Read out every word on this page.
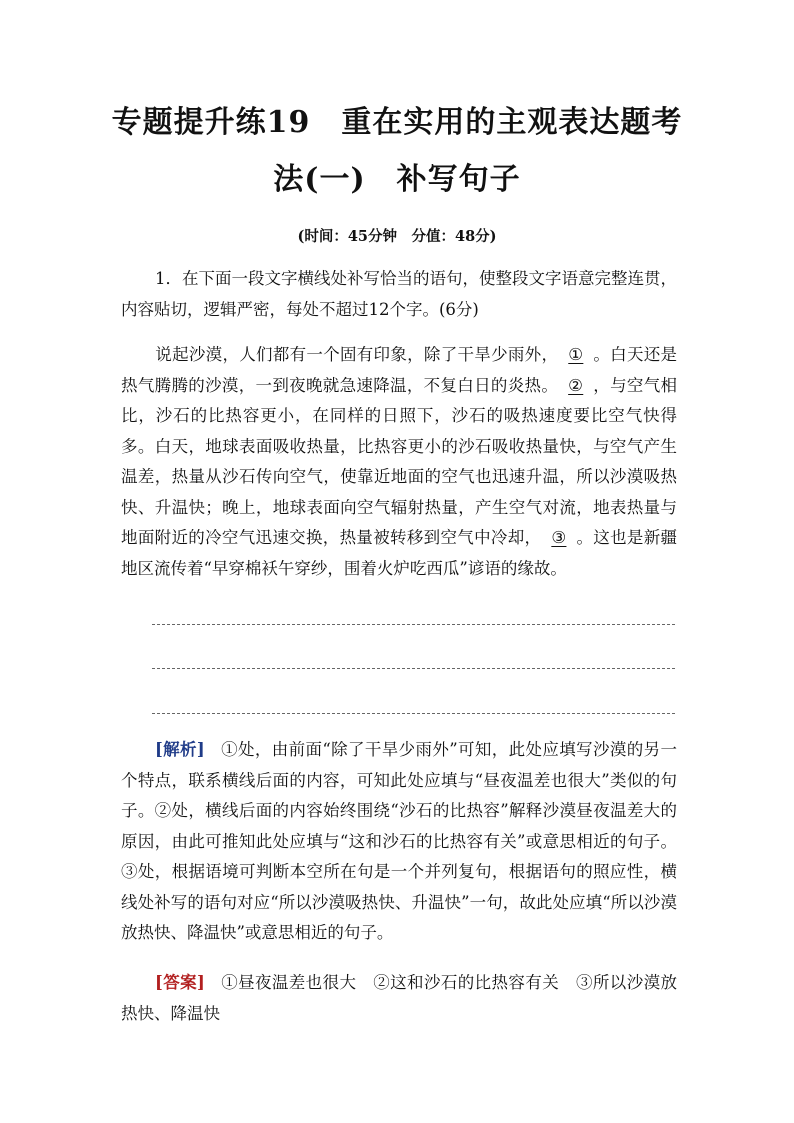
专题提升练19　重在实用的主观表达题考
法(一)　补写句子
(时间：45分钟　分值：48分)
1．在下面一段文字横线处补写恰当的语句，使整段文字语意完整连贯，内容贴切，逻辑严密，每处不超过12个字。(6分)
说起沙漠，人们都有一个固有印象，除了干旱少雨外， ① 。白天还是热气腾腾的沙漠，一到夜晚就急速降温，不复白日的炎热。 ② ，与空气相比，沙石的比热容更小，在同样的日照下，沙石的吸热速度要比空气快得多。白天，地球表面吸收热量，比热容更小的沙石吸收热量快，与空气产生温差，热量从沙石传向空气，使靠近地面的空气也迅速升温，所以沙漠吸热快、升温快；晚上，地球表面向空气辐射热量，产生空气对流，地表热量与地面附近的冷空气迅速交换，热量被转移到空气中冷却， ③ 。这也是新疆地区流传着“早穿棉袄午穿纱，围着火炉吃西瓜”谚语的缘故。
[解析] ①处，由前面“除了干旱少雨外”可知，此处应填写沙漠的另一个特点，联系横线后面的内容，可知此处应填与“昼夜温差也很大”类似的句子。②处，横线后面的内容始终围绕“沙石的比热容”解释沙漠昼夜温差大的原因，由此可推知此处应填与“这和沙石的比热容有关”或意思相近的句子。③处，根据语境可判断本空所在句是一个并列复句，根据语句的照应性，横线处补写的语句对应“所以沙漠吸热快、升温快”一句，故此处应填“所以沙漠放热快、降温快”或意思相近的句子。
[答案] ①昼夜温差也很大　②这和沙石的比热容有关　③所以沙漠放热快、降温快
